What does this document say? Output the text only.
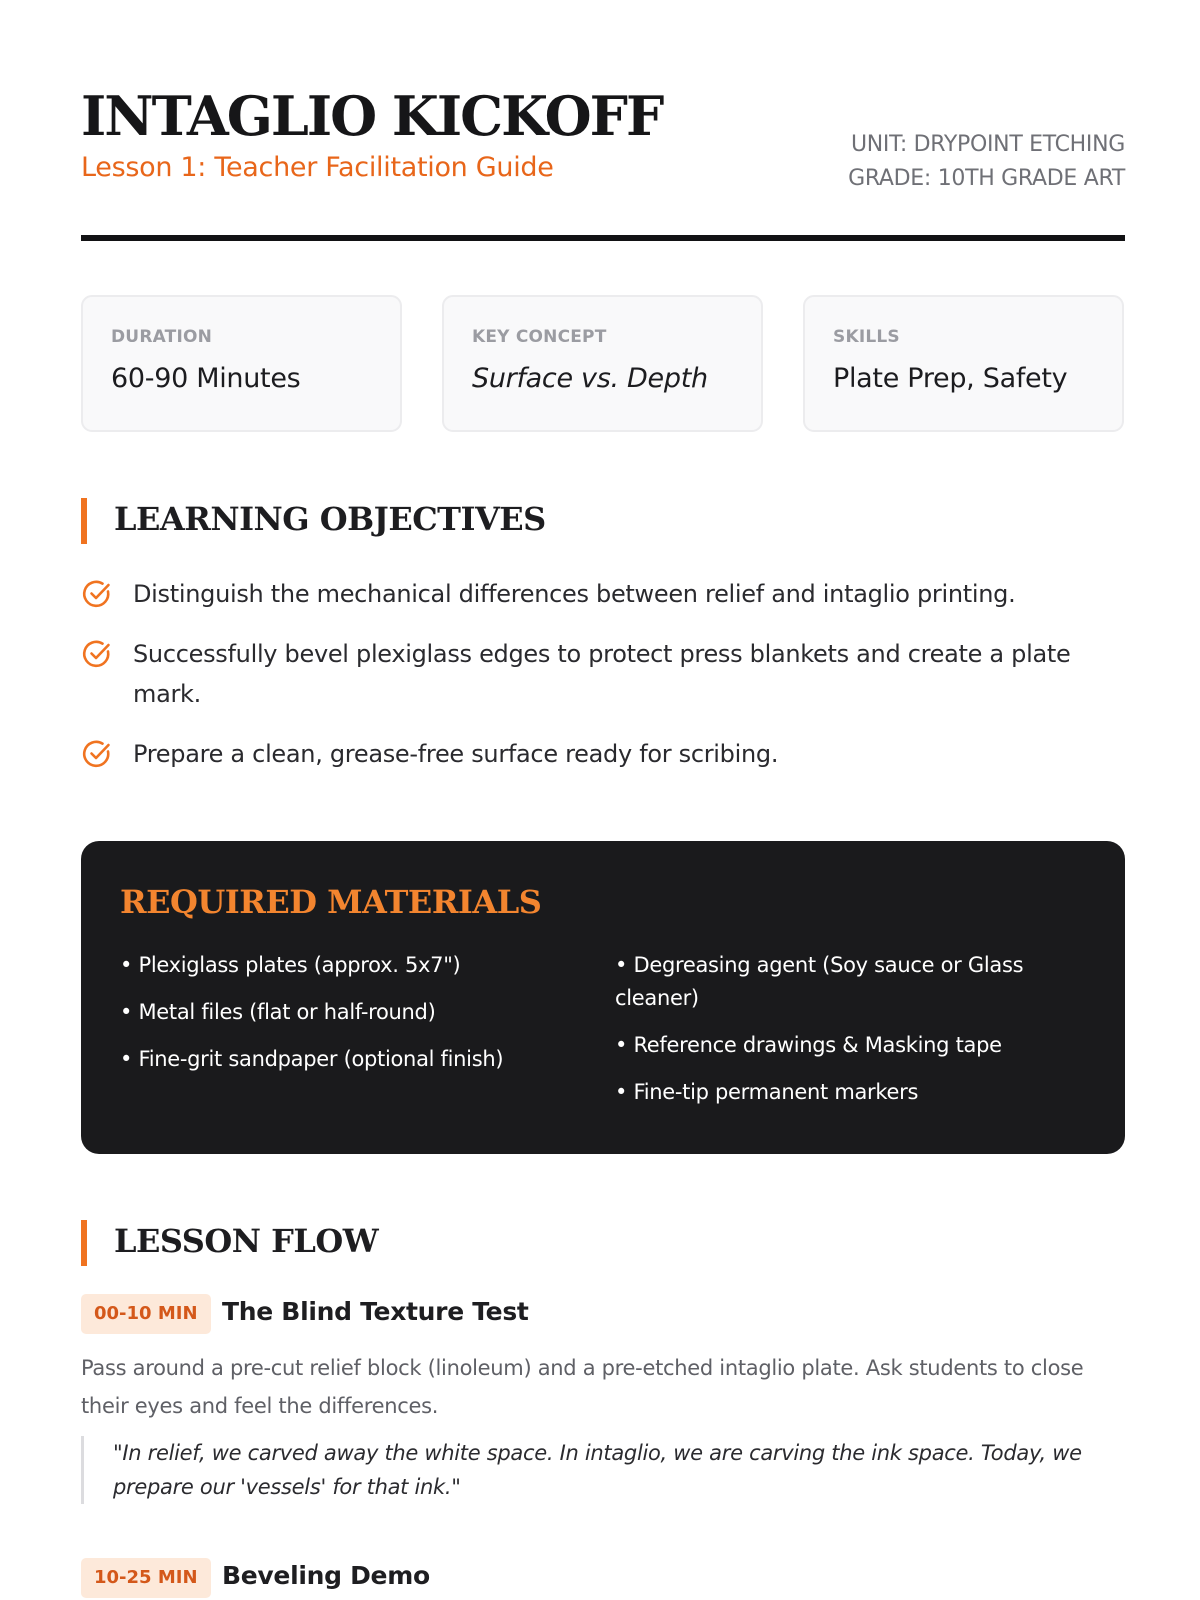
INTAGLIO KICKOFF
Lesson 1: Teacher Facilitation Guide
UNIT: DRYPOINT ETCHING
GRADE: 10TH GRADE ART
DURATION
60-90 Minutes
KEY CONCEPT
Surface vs. Depth
SKILLS
Plate Prep, Safety
LEARNING OBJECTIVES
Distinguish the mechanical differences between relief and intaglio printing.
Successfully bevel plexiglass edges to protect press blankets and create a plate mark.
Prepare a clean, grease-free surface ready for scribing.
REQUIRED MATERIALS
• Plexiglass plates (approx. 5x7")
• Metal files (flat or half-round)
• Fine-grit sandpaper (optional finish)
• Degreasing agent (Soy sauce or Glass cleaner)
• Reference drawings & Masking tape
• Fine-tip permanent markers
LESSON FLOW
00-10 MIN The Blind Texture Test
Pass around a pre-cut relief block (linoleum) and a pre-etched intaglio plate. Ask students to close their eyes and feel the differences.
"In relief, we carved away the white space. In intaglio, we are carving the ink space. Today, we prepare our 'vessels' for that ink."
10-25 MIN Beveling Demo
